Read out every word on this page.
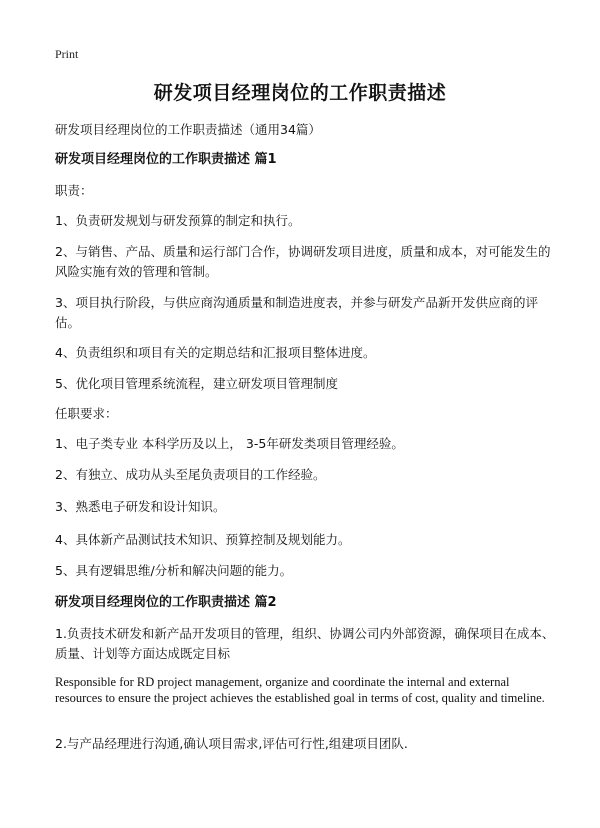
Print
研发项目经理岗位的工作职责描述

研发项目经理岗位的工作职责描述（通用34篇）

研发项目经理岗位的工作职责描述 篇1

职责：

1、负责研发规划与研发预算的制定和执行。

2、与销售、产品、质量和运行部门合作，协调研发项目进度，质量和成本，对可能发生的风险实施有效的管理和管制。

3、项目执行阶段，与供应商沟通质量和制造进度表，并参与研发产品新开发供应商的评估。

4、负责组织和项目有关的定期总结和汇报项目整体进度。

5、优化项目管理系统流程，建立研发项目管理制度

任职要求：

1、电子类专业 本科学历及以上， 3-5年研发类项目管理经验。

2、有独立、成功从头至尾负责项目的工作经验。

3、熟悉电子研发和设计知识。

4、具体新产品测试技术知识、预算控制及规划能力。

5、具有逻辑思维/分析和解决问题的能力。

研发项目经理岗位的工作职责描述 篇2

1.负责技术研发和新产品开发项目的管理，组织、协调公司内外部资源，确保项目在成本、质量、计划等方面达成既定目标

Responsible for RD project management, organize and coordinate the internal and external resources to ensure the project achieves the established goal in terms of cost, quality and timeline.

2.与产品经理进行沟通,确认项目需求,评估可行性,组建项目团队.
